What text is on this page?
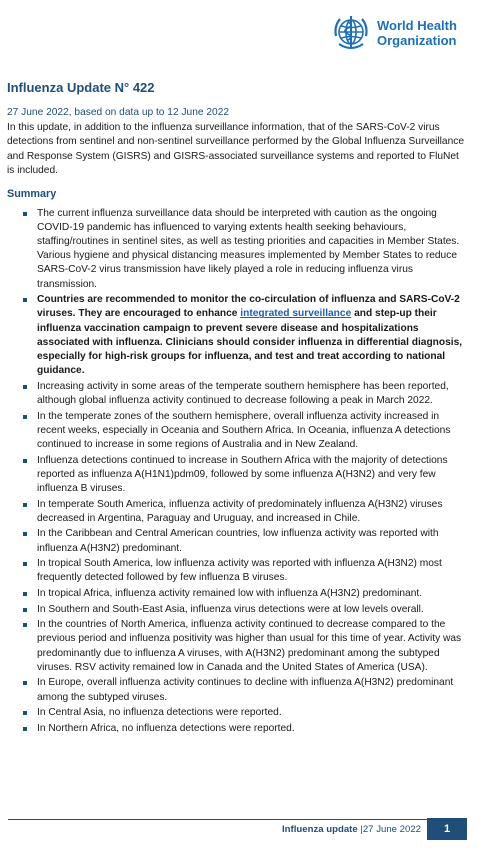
World Health
Organization
Influenza Update N° 422
27 June 2022, based on data up to 12 June 2022
In this update, in addition to the influenza surveillance information, that of the SARS-CoV-2 virus detections from sentinel and non-sentinel surveillance performed by the Global Influenza Surveillance and Response System (GISRS) and GISRS-associated surveillance systems and reported to FluNet is included.
Summary
The current influenza surveillance data should be interpreted with caution as the ongoing COVID-19 pandemic has influenced to varying extents health seeking behaviours, staffing/routines in sentinel sites, as well as testing priorities and capacities in Member States. Various hygiene and physical distancing measures implemented by Member States to reduce SARS-CoV-2 virus transmission have likely played a role in reducing influenza virus transmission.
Countries are recommended to monitor the co-circulation of influenza and SARS-CoV-2 viruses. They are encouraged to enhance integrated surveillance and step-up their influenza vaccination campaign to prevent severe disease and hospitalizations associated with influenza. Clinicians should consider influenza in differential diagnosis, especially for high-risk groups for influenza, and test and treat according to national guidance.
Increasing activity in some areas of the temperate southern hemisphere has been reported, although global influenza activity continued to decrease following a peak in March 2022.
In the temperate zones of the southern hemisphere, overall influenza activity increased in recent weeks, especially in Oceania and Southern Africa. In Oceania, influenza A detections continued to increase in some regions of Australia and in New Zealand.
Influenza detections continued to increase in Southern Africa with the majority of detections reported as influenza A(H1N1)pdm09, followed by some influenza A(H3N2) and very few influenza B viruses.
In temperate South America, influenza activity of predominately influenza A(H3N2) viruses decreased in Argentina, Paraguay and Uruguay, and increased in Chile.
In the Caribbean and Central American countries, low influenza activity was reported with influenza A(H3N2) predominant.
In tropical South America, low influenza activity was reported with influenza A(H3N2) most frequently detected followed by few influenza B viruses.
In tropical Africa, influenza activity remained low with influenza A(H3N2) predominant.
In Southern and South-East Asia, influenza virus detections were at low levels overall.
In the countries of North America, influenza activity continued to decrease compared to the previous period and influenza positivity was higher than usual for this time of year. Activity was predominantly due to influenza A viruses, with A(H3N2) predominant among the subtyped viruses. RSV activity remained low in Canada and the United States of America (USA).
In Europe, overall influenza activity continues to decline with influenza A(H3N2) predominant among the subtyped viruses.
In Central Asia, no influenza detections were reported.
In Northern Africa, no influenza detections were reported.
Influenza update |27 June 2022	1
